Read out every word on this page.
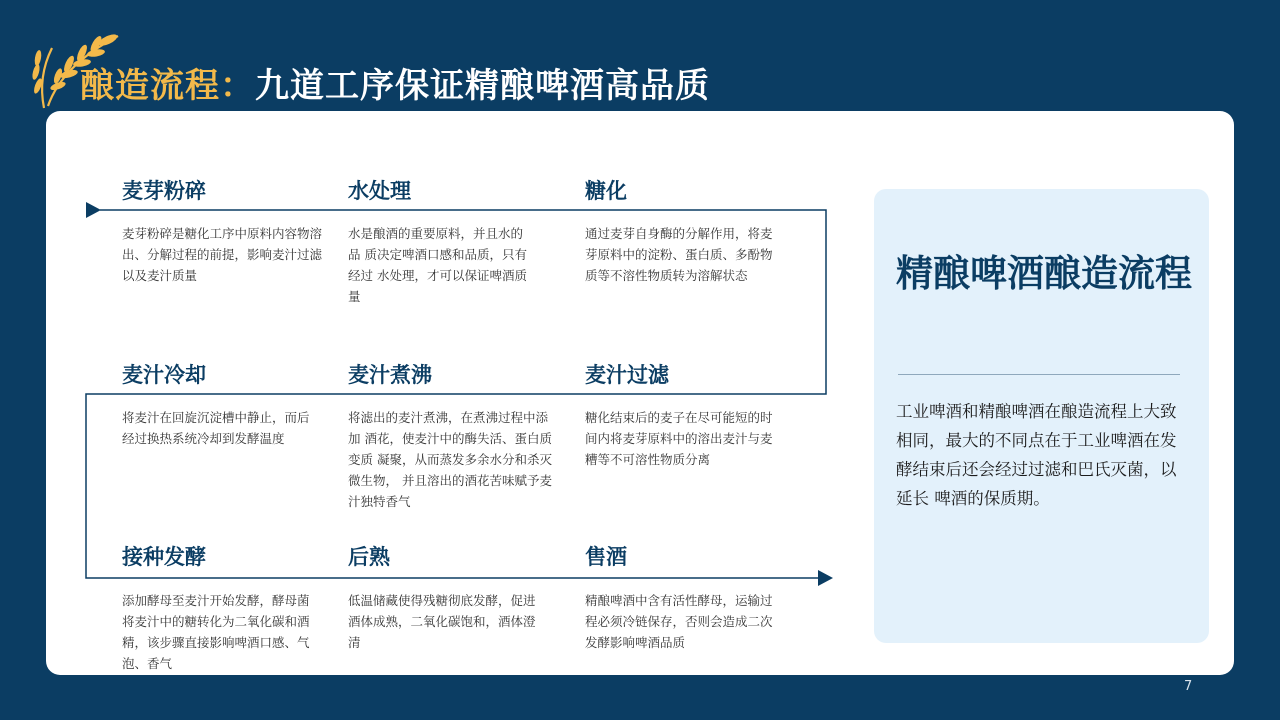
酿造流程：九道工序保证精酿啤酒高品质
麦芽粉碎
麦芽粉碎是糖化工序中原料内容物溶出、分解过程的前提，影响麦汁过滤以及麦汁质量
水处理
水是酿酒的重要原料，并且水的品 质决定啤酒口感和品质，只有经过 水处理，才可以保证啤酒质量
糖化
通过麦芽自身酶的分解作用，将麦 芽原料中的淀粉、蛋白质、多酚物 质等不溶性物质转为溶解状态
麦汁冷却
将麦汁在回旋沉淀槽中静止，而后 经过换热系统冷却到发酵温度
麦汁煮沸
将滤出的麦汁煮沸，在煮沸过程中添加 酒花，使麦汁中的酶失活、蛋白质变质 凝聚，从而蒸发多余水分和杀灭微生物， 并且溶出的酒花苦味赋予麦汁独特香气
麦汁过滤
糖化结束后的麦子在尽可能短的时 间内将麦芽原料中的溶出麦汁与麦 糟等不可溶性物质分离
接种发酵
添加酵母至麦汁开始发酵，酵母菌 将麦汁中的糖转化为二氧化碳和酒 精，该步骤直接影响啤酒口感、气 泡、香气
后熟
低温储藏使得残糖彻底发酵，促进 酒体成熟，二氧化碳饱和，酒体澄 清
售酒
精酿啤酒中含有活性酵母，运输过 程必须冷链保存，否则会造成二次 发酵影响啤酒品质
精酿啤酒酿造流程
工业啤酒和精酿啤酒在酿造流程上大致相同，最大的不同点在于工业啤酒在发酵结束后还会经过过滤和巴氏灭菌，以延长 啤酒的保质期。
7
